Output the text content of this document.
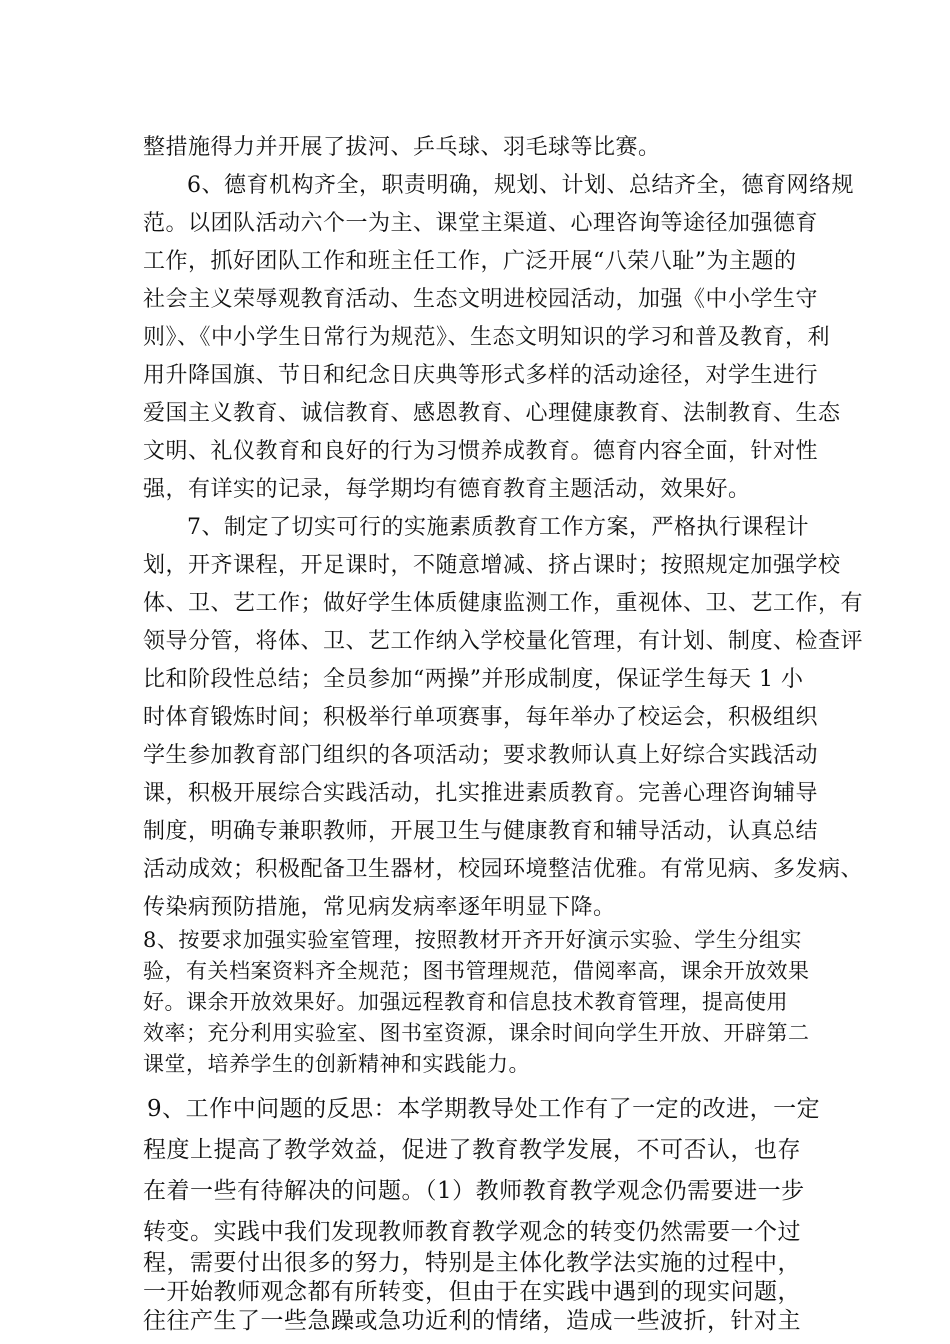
整措施得力并开展了拔河、乒乓球、羽毛球等比赛。
6、德育机构齐全，职责明确，规划、计划、总结齐全，德育网络规
范。以团队活动六个一为主、课堂主渠道、心理咨询等途径加强德育
工作，抓好团队工作和班主任工作，广泛开展“八荣八耻”为主题的
社会主义荣辱观教育活动、生态文明进校园活动，加强《中小学生守
则》、《中小学生日常行为规范》、生态文明知识的学习和普及教育，利
用升降国旗、节日和纪念日庆典等形式多样的活动途径，对学生进行
爱国主义教育、诚信教育、感恩教育、心理健康教育、法制教育、生态
文明、礼仪教育和良好的行为习惯养成教育。德育内容全面，针对性
强，有详实的记录，每学期均有德育教育主题活动，效果好。
7、制定了切实可行的实施素质教育工作方案，严格执行课程计
划，开齐课程，开足课时，不随意增减、挤占课时；按照规定加强学校
体、卫、艺工作；做好学生体质健康监测工作，重视体、卫、艺工作，有
领导分管，将体、卫、艺工作纳入学校量化管理，有计划、制度、检查评
比和阶段性总结；全员参加“两操”并形成制度，保证学生每天 1 小
时体育锻炼时间；积极举行单项赛事，每年举办了校运会，积极组织
学生参加教育部门组织的各项活动；要求教师认真上好综合实践活动
课，积极开展综合实践活动，扎实推进素质教育。完善心理咨询辅导
制度，明确专兼职教师，开展卫生与健康教育和辅导活动，认真总结
活动成效；积极配备卫生器材，校园环境整洁优雅。有常见病、多发病、
传染病预防措施，常见病发病率逐年明显下降。
8、按要求加强实验室管理，按照教材开齐开好演示实验、学生分组实
验，有关档案资料齐全规范；图书管理规范，借阅率高，课余开放效果
好。课余开放效果好。加强远程教育和信息技术教育管理，提高使用
效率；充分利用实验室、图书室资源，课余时间向学生开放、开辟第二
课堂，培养学生的创新精神和实践能力。
9、工作中问题的反思：本学期教导处工作有了一定的改进，一定
程度上提高了教学效益，促进了教育教学发展，不可否认，也存
在着一些有待解决的问题。（1）教师教育教学观念仍需要进一步
转变。实践中我们发现教师教育教学观念的转变仍然需要一个过
程，需要付出很多的努力，特别是主体化教学法实施的过程中，
一开始教师观念都有所转变，但由于在实践中遇到的现实问题，
往往产生了一些急躁或急功近利的情绪，造成一些波折，针对主
